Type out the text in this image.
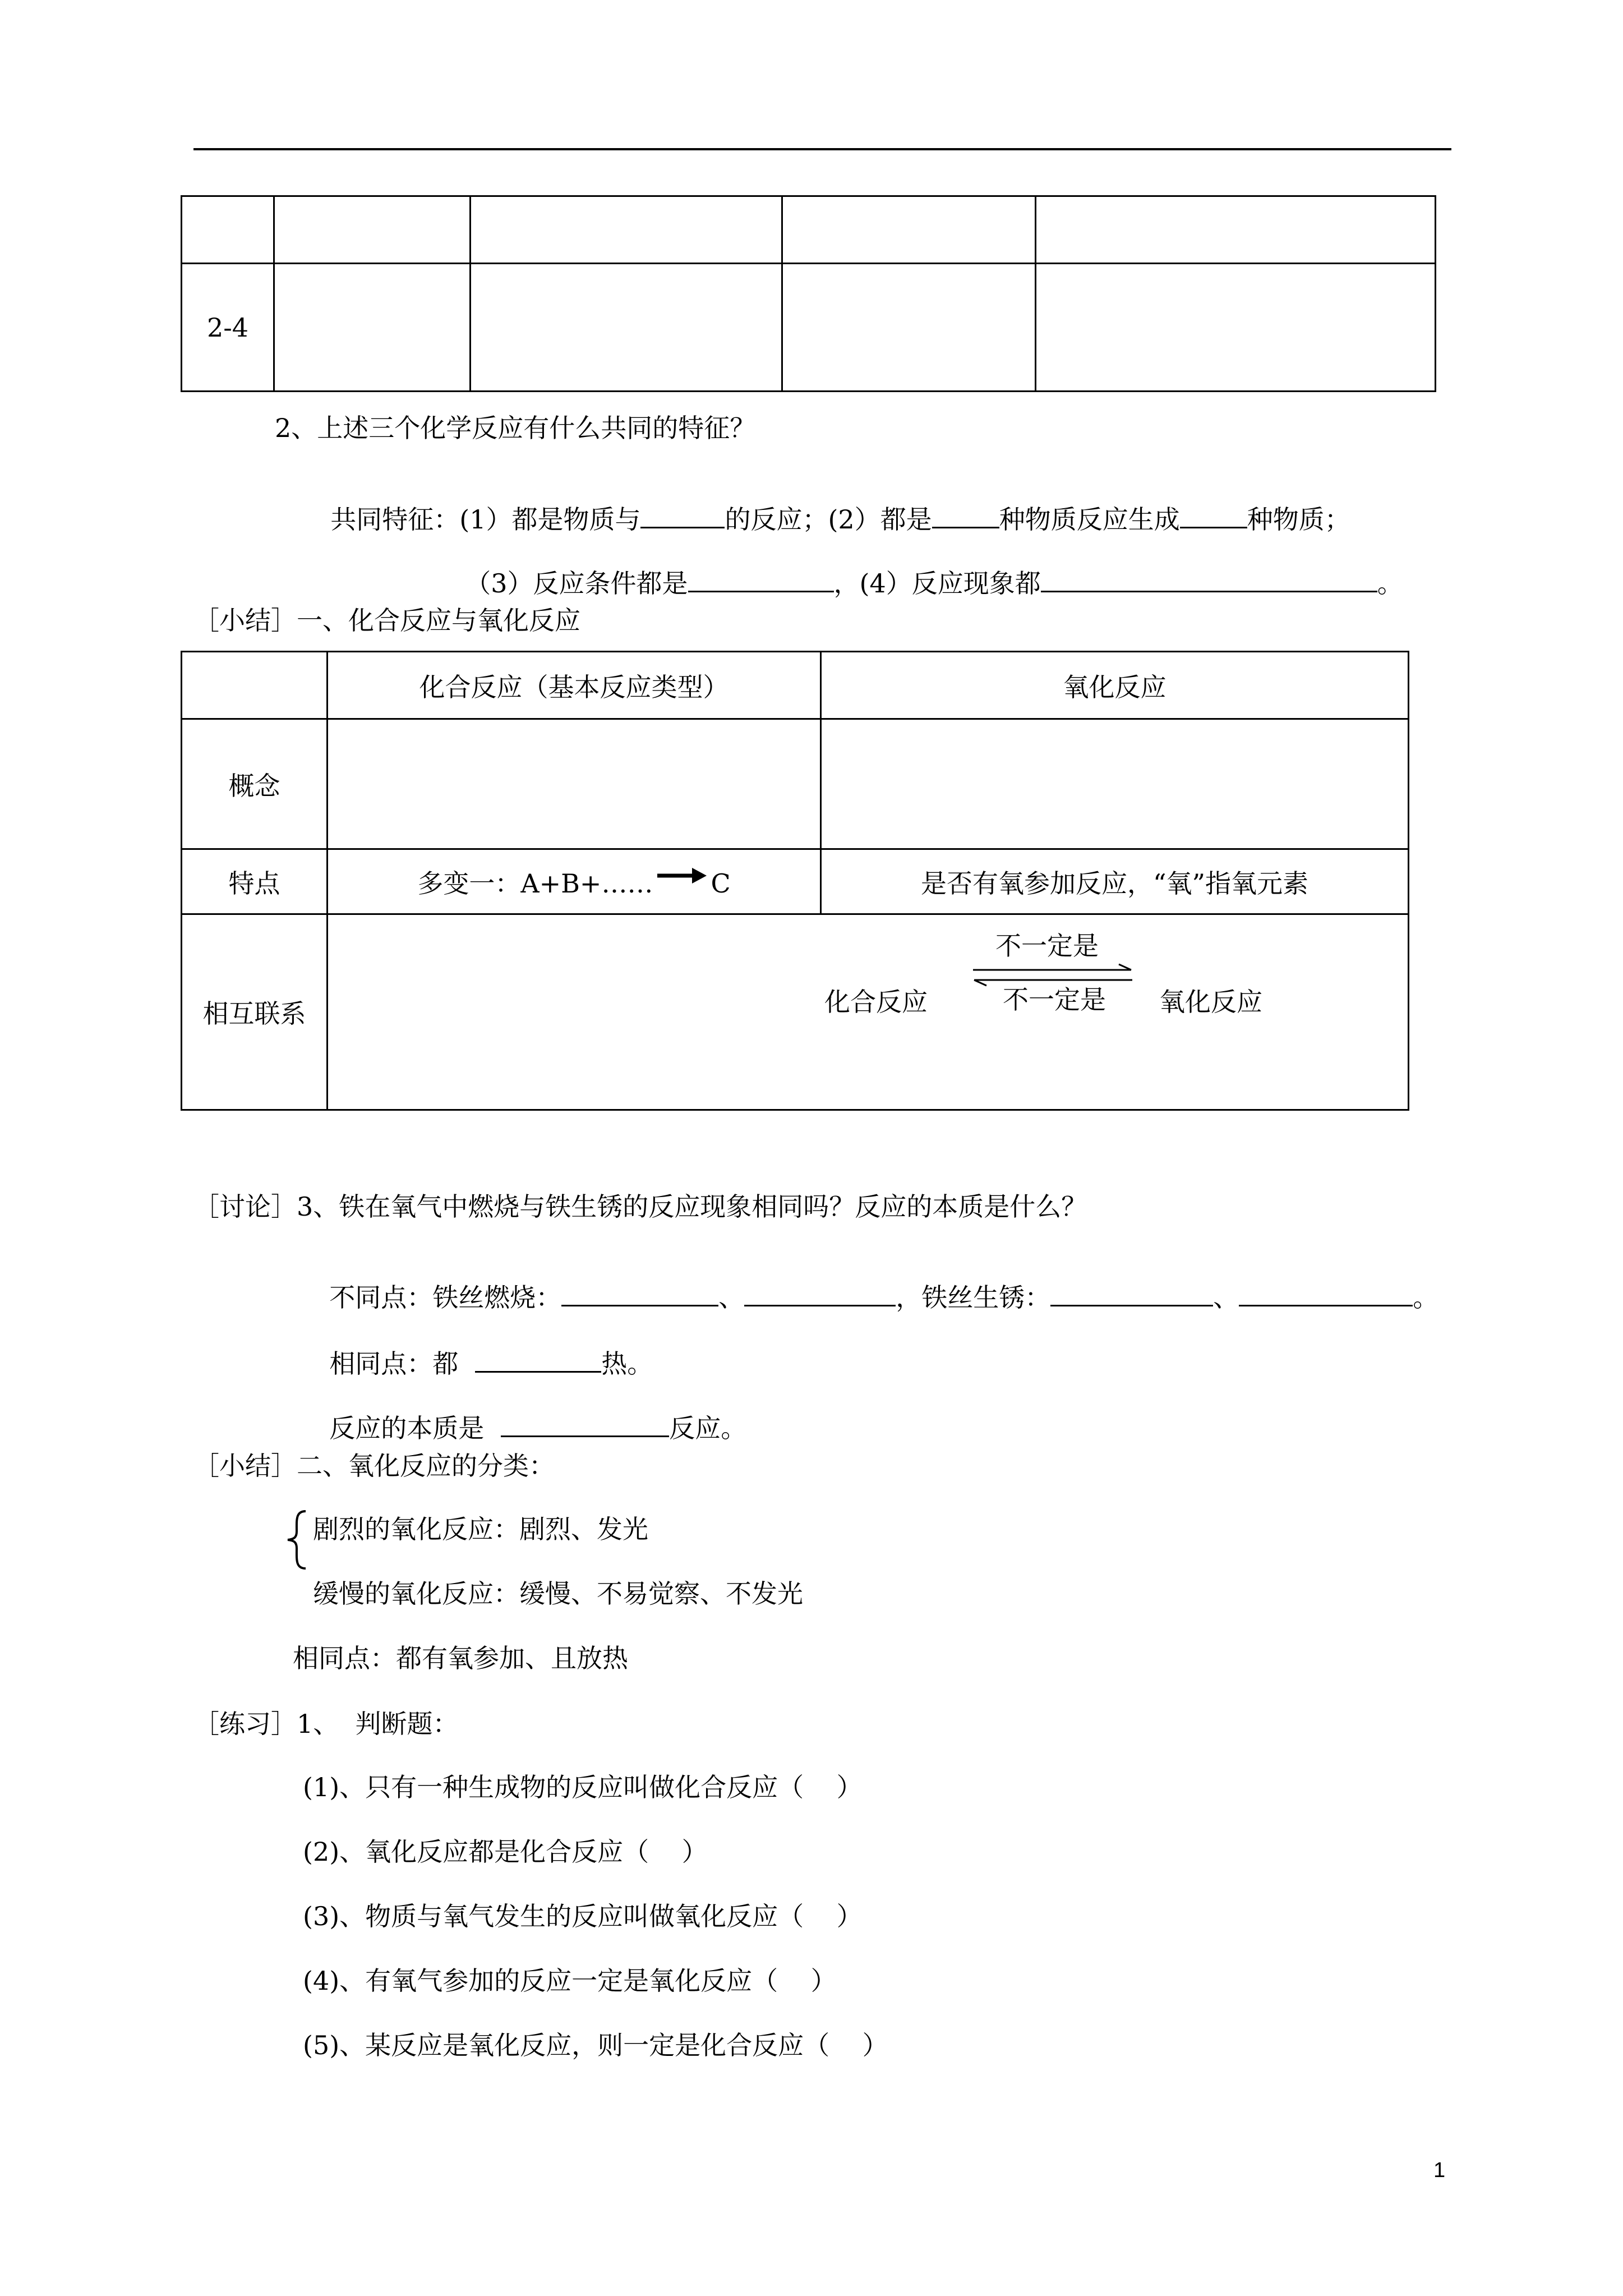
2-4				
2、上述三个化学反应有什么共同的特征？

共同特征：(1）都是物质与	的反应；(2）都是	种物质反应生成	种物质；

（3）反应条件都是	，(4）反应现象都	。

［小结］一、化合反应与氧化反应
	化合反应（基本反应类型）	氧化反应
概念		
特点	多变一：A+B+…… C	是否有氧参加反应，“氧”指氧元素
相互联系	化合反应
不一定是
不一定是 氧化反应	
［讨论］3、铁在氧气中燃烧与铁生锈的反应现象相同吗？反应的本质是什么？

不同点：铁丝燃烧：	、	，铁丝生锈：	、	。

相同点：都	热。

反应的本质是	反应。

［小结］二、氧化反应的分类：
剧烈的氧化反应：剧烈、发光
缓慢的氧化反应：缓慢、不易觉察、不发光
相同点：都有氧参加、且放热
［练习］1、  判断题：
(1)、只有一种生成物的反应叫做化合反应（    ）
(2)、氧化反应都是化合反应（    ）
(3)、物质与氧气发生的反应叫做氧化反应（    ）
(4)、有氧气参加的反应一定是氧化反应（    ）
(5)、某反应是氧化反应，则一定是化合反应（    ）
1
